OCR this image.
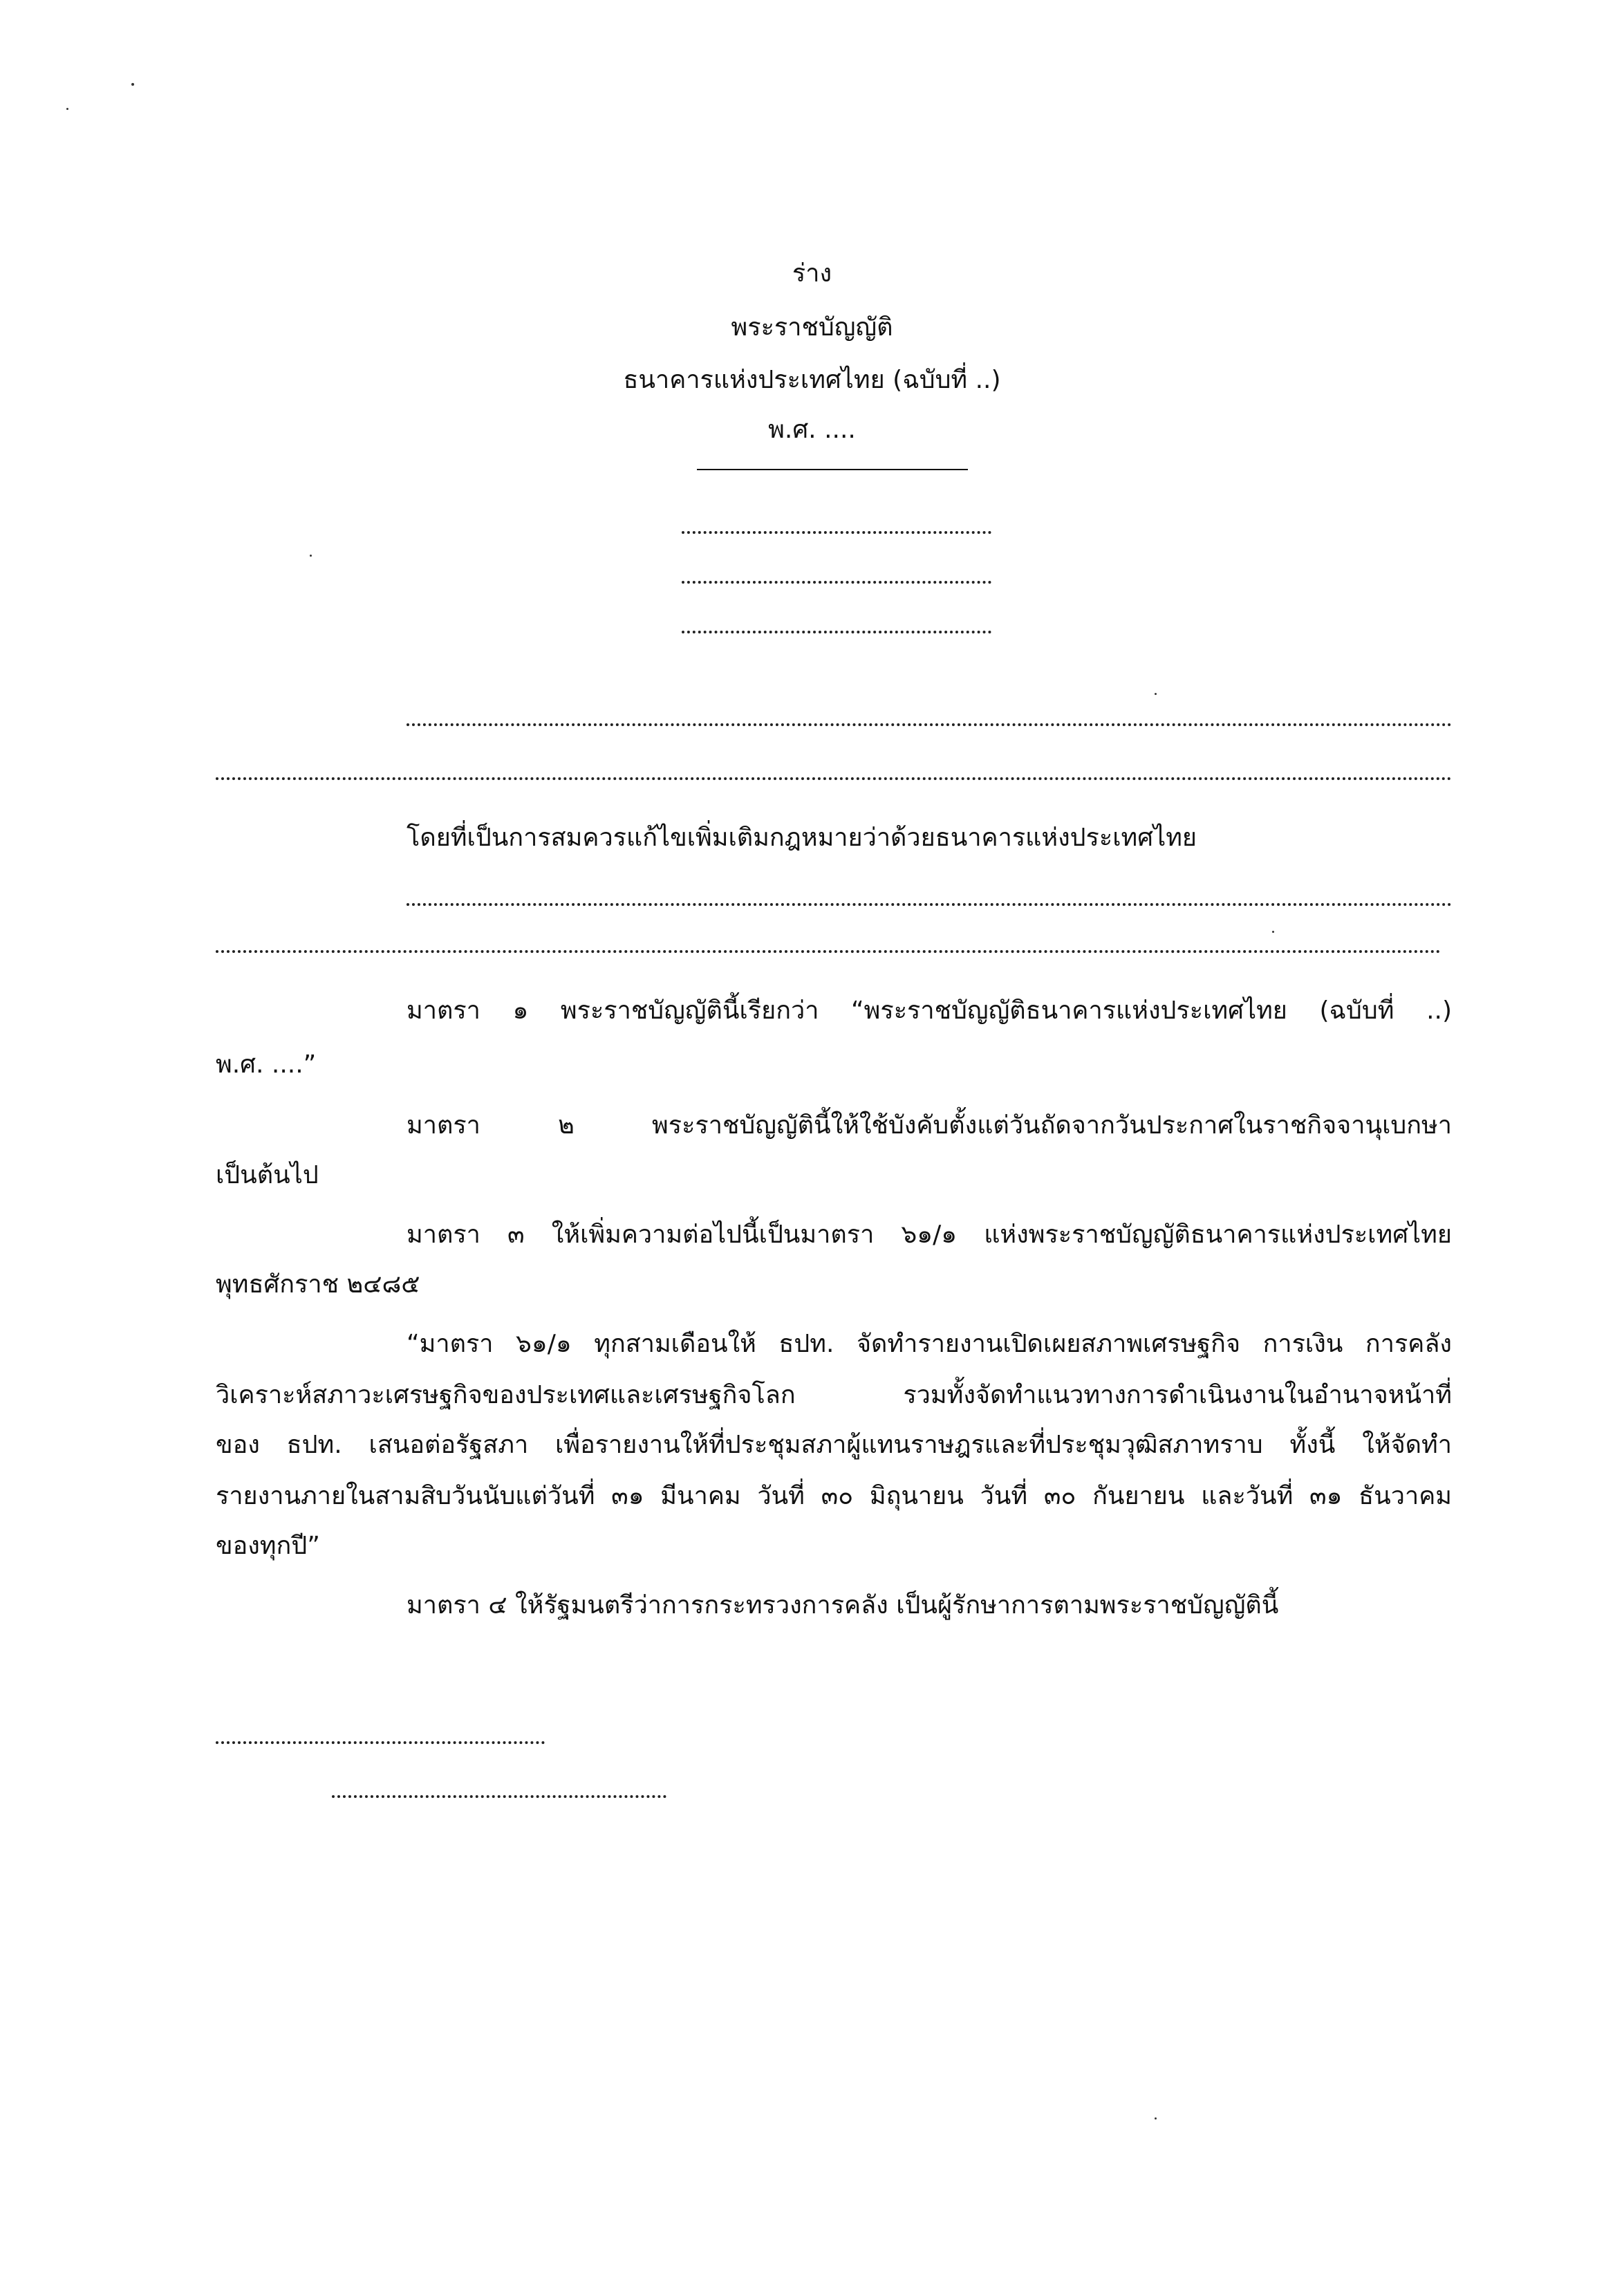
ร่าง
พระราชบัญญัติ
ธนาคารแห่งประเทศไทย (ฉบับที่ ..)
พ.ศ. ....
โดยที่เป็นการสมควรแก้ไขเพิ่มเติมกฎหมายว่าด้วยธนาคารแห่งประเทศไทย
มาตรา ๑ พระราชบัญญัตินี้เรียกว่า “พระราชบัญญัติธนาคารแห่งประเทศไทย (ฉบับที่ ..)
พ.ศ. ....”
มาตรา ๒ พระราชบัญญัตินี้ให้ใช้บังคับตั้งแต่วันถัดจากวันประกาศในราชกิจจานุเบกษา
เป็นต้นไป
มาตรา ๓ ให้เพิ่มความต่อไปนี้เป็นมาตรา ๖๑/๑ แห่งพระราชบัญญัติธนาคารแห่งประเทศไทย
พุทธศักราช ๒๔๘๕
“มาตรา ๖๑/๑ ทุกสามเดือนให้ ธปท. จัดทำรายงานเปิดเผยสภาพเศรษฐกิจ การเงิน การคลัง
วิเคราะห์สภาวะเศรษฐกิจของประเทศและเศรษฐกิจโลก รวมทั้งจัดทำแนวทางการดำเนินงานในอำนาจหน้าที่
ของ ธปท. เสนอต่อรัฐสภา เพื่อรายงานให้ที่ประชุมสภาผู้แทนราษฎรและที่ประชุมวุฒิสภาทราบ ทั้งนี้ ให้จัดทำ
รายงานภายในสามสิบวันนับแต่วันที่ ๓๑ มีนาคม วันที่ ๓๐ มิถุนายน วันที่ ๓๐ กันยายน และวันที่ ๓๑ ธันวาคม
ของทุกปี”
มาตรา ๔ ให้รัฐมนตรีว่าการกระทรวงการคลัง เป็นผู้รักษาการตามพระราชบัญญัตินี้
